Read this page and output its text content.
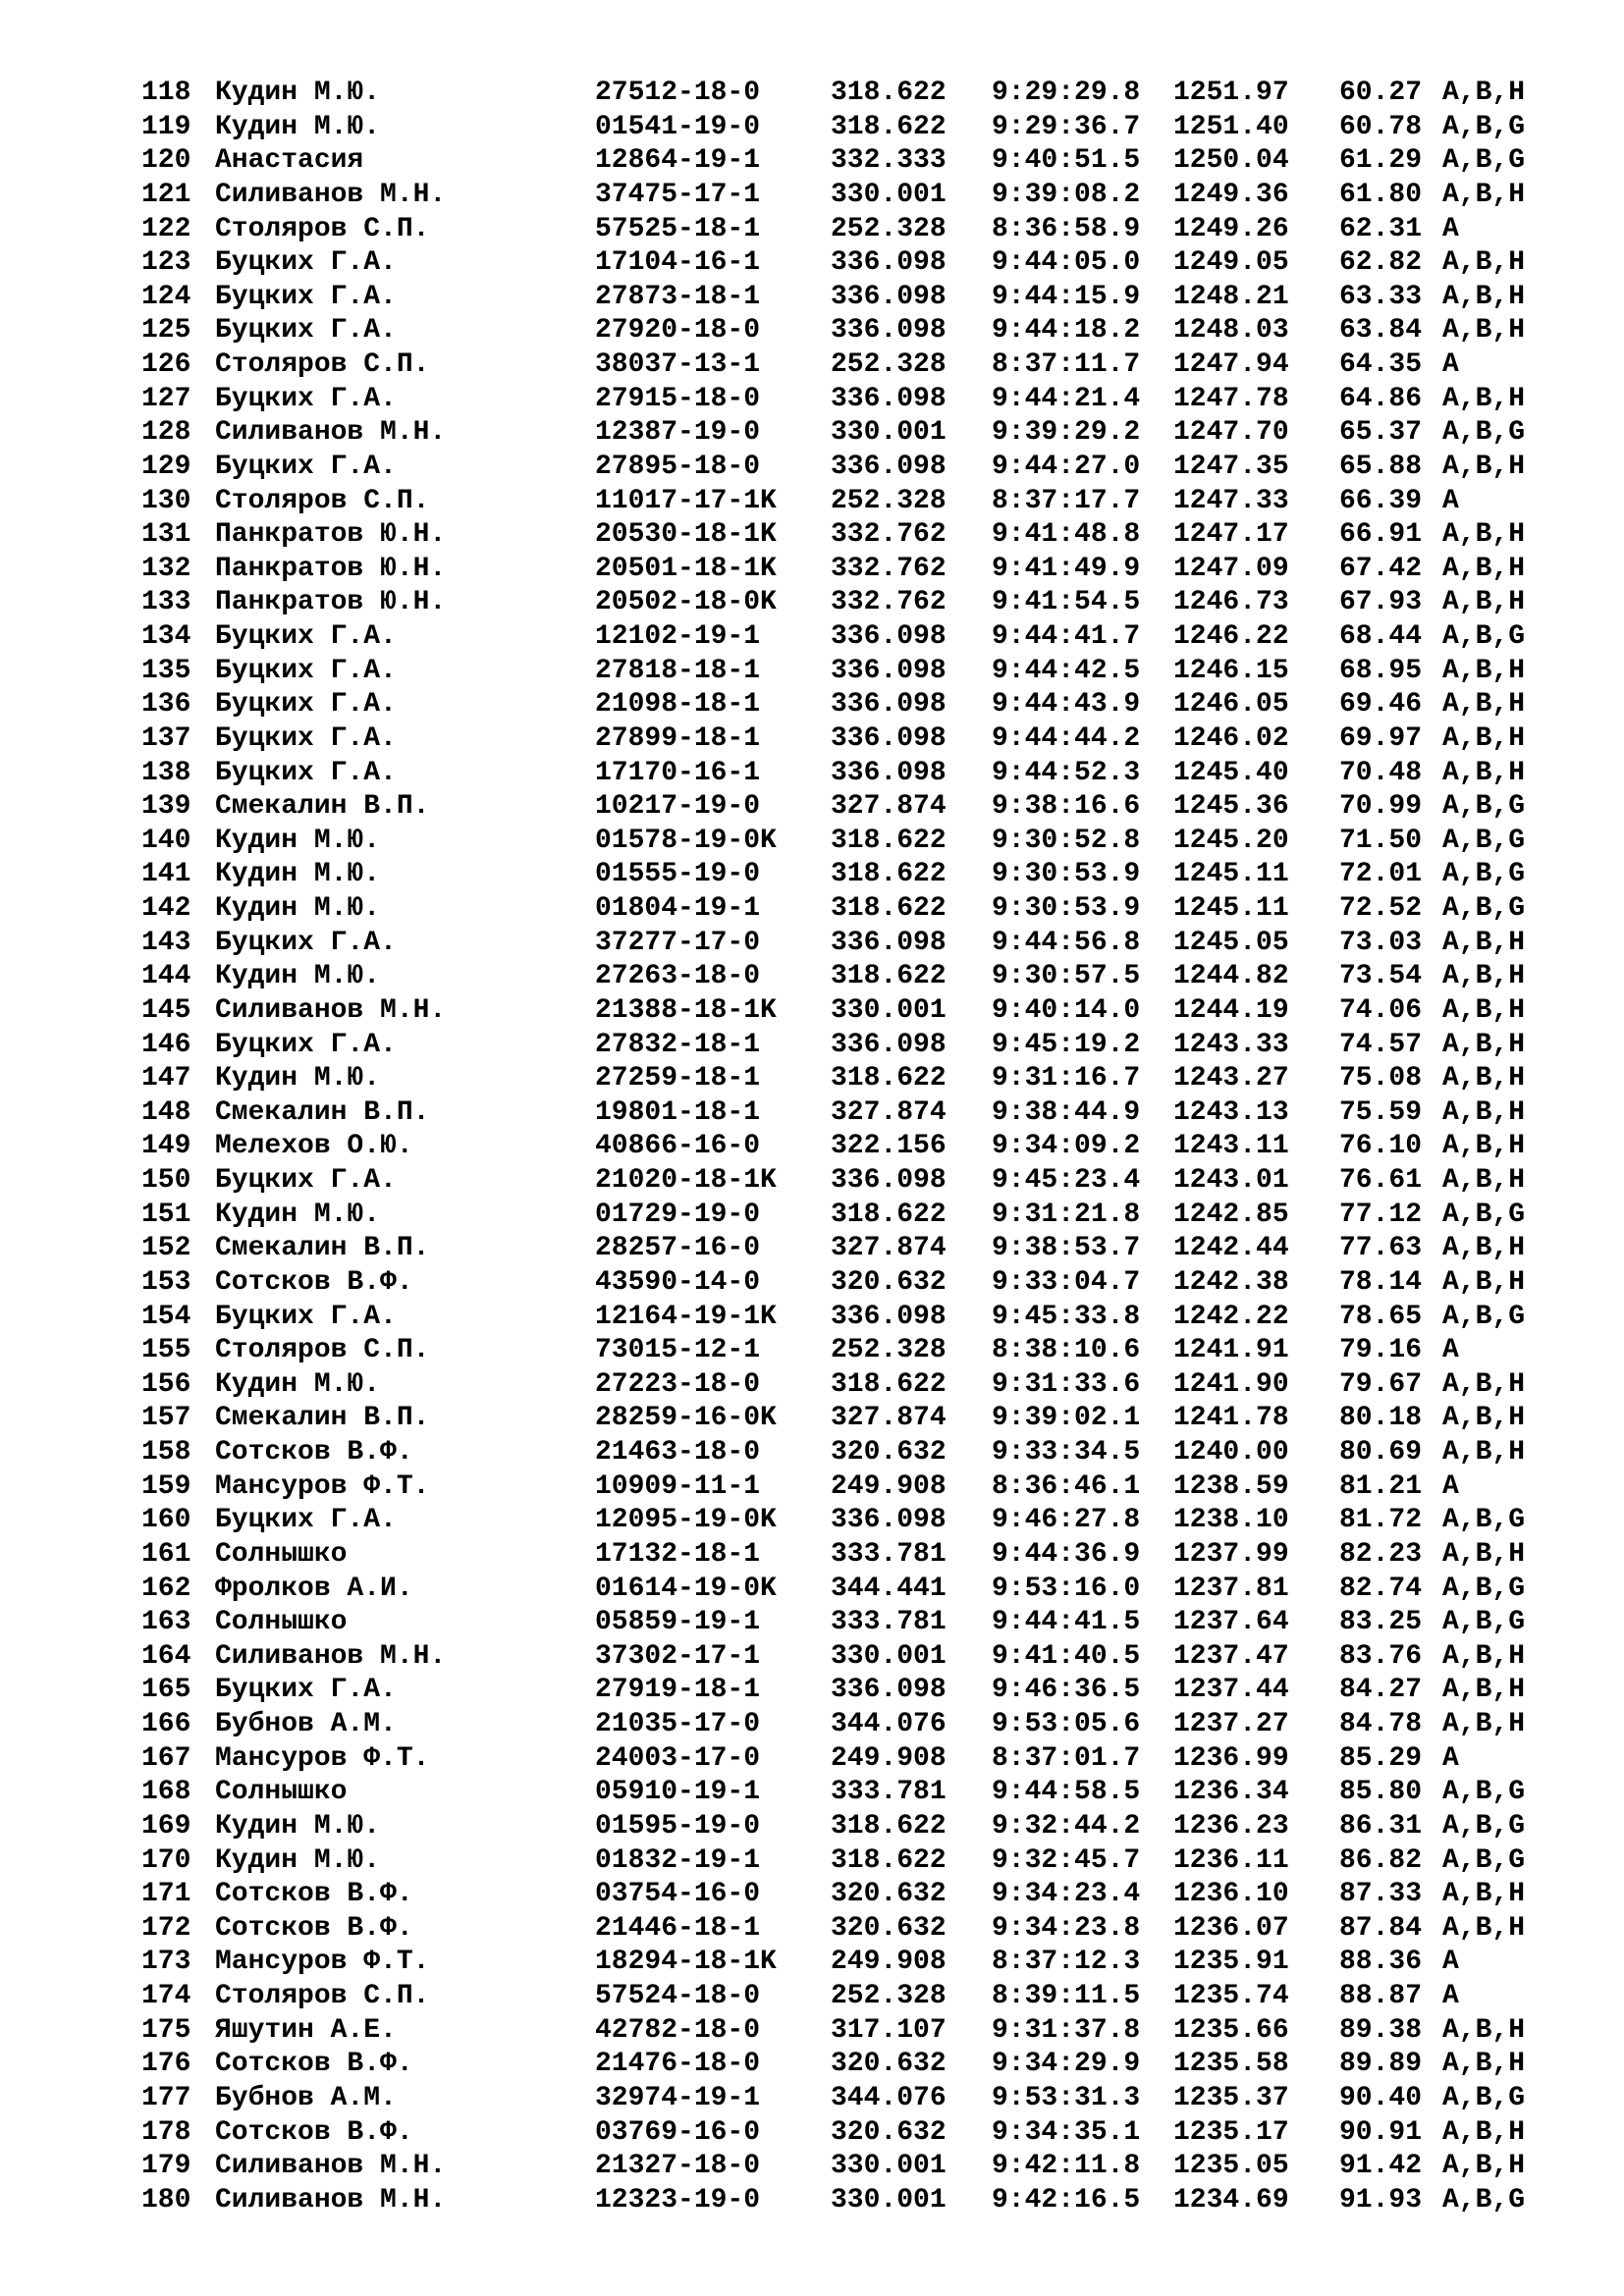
118 Кудин М.Ю.	27512-18-0	318.622 9:29:29.8 1251.97 60.27 A,B,H
119 Кудин М.Ю.	01541-19-0	318.622 9:29:36.7 1251.40 60.78 A,B,G
120 Анастасия	12864-19-1	332.333 9:40:51.5 1250.04 61.29 A,B,G
121 Силиванов М.Н.	37475-17-1	330.001 9:39:08.2 1249.36 61.80 A,B,H
122 Столяров С.П.	57525-18-1	252.328 8:36:58.9 1249.26 62.31 A
123 Буцких Г.А.	17104-16-1	336.098 9:44:05.0 1249.05 62.82 A,B,H
124 Буцких Г.А.	27873-18-1	336.098 9:44:15.9 1248.21 63.33 A,B,H
125 Буцких Г.А.	27920-18-0	336.098 9:44:18.2 1248.03 63.84 A,B,H
126 Столяров С.П.	38037-13-1	252.328 8:37:11.7 1247.94 64.35 A
127 Буцких Г.А.	27915-18-0	336.098 9:44:21.4 1247.78 64.86 A,B,H
128 Силиванов М.Н.	12387-19-0	330.001 9:39:29.2 1247.70 65.37 A,B,G
129 Буцких Г.А.	27895-18-0	336.098 9:44:27.0 1247.35 65.88 A,B,H
130 Столяров С.П.	11017-17-1K 252.328 8:37:17.7 1247.33 66.39 A
131 Панкратов Ю.Н.	20530-18-1K 332.762 9:41:48.8 1247.17 66.91 A,B,H
132 Панкратов Ю.Н.	20501-18-1K 332.762 9:41:49.9 1247.09 67.42 A,B,H
133 Панкратов Ю.Н.	20502-18-0K 332.762 9:41:54.5 1246.73 67.93 A,B,H
134 Буцких Г.А.	12102-19-1	336.098 9:44:41.7 1246.22 68.44 A,B,G
135 Буцких Г.А.	27818-18-1	336.098 9:44:42.5 1246.15 68.95 A,B,H
136 Буцких Г.А.	21098-18-1	336.098 9:44:43.9 1246.05 69.46 A,B,H
137 Буцких Г.А.	27899-18-1	336.098 9:44:44.2 1246.02 69.97 A,B,H
138 Буцких Г.А.	17170-16-1	336.098 9:44:52.3 1245.40 70.48 A,B,H
139 Смекалин В.П.	10217-19-0	327.874 9:38:16.6 1245.36 70.99 A,B,G
140 Кудин М.Ю.	01578-19-0K 318.622 9:30:52.8 1245.20 71.50 A,B,G
141 Кудин М.Ю.	01555-19-0	318.622 9:30:53.9 1245.11 72.01 A,B,G
142 Кудин М.Ю.	01804-19-1	318.622 9:30:53.9 1245.11 72.52 A,B,G
143 Буцких Г.А.	37277-17-0	336.098 9:44:56.8 1245.05 73.03 A,B,H
144 Кудин М.Ю.	27263-18-0	318.622 9:30:57.5 1244.82 73.54 A,B,H
145 Силиванов М.Н.	21388-18-1K 330.001 9:40:14.0 1244.19 74.06 A,B,H
146 Буцких Г.А.	27832-18-1	336.098 9:45:19.2 1243.33 74.57 A,B,H
147 Кудин М.Ю.	27259-18-1	318.622 9:31:16.7 1243.27 75.08 A,B,H
148 Смекалин В.П.	19801-18-1	327.874 9:38:44.9 1243.13 75.59 A,B,H
149 Мелехов О.Ю.	40866-16-0	322.156 9:34:09.2 1243.11 76.10 A,B,H
150 Буцких Г.А.	21020-18-1K 336.098 9:45:23.4 1243.01 76.61 A,B,H
151 Кудин М.Ю.	01729-19-0	318.622 9:31:21.8 1242.85 77.12 A,B,G
152 Смекалин В.П.	28257-16-0	327.874 9:38:53.7 1242.44 77.63 A,B,H
153 Сотсков В.Ф.	43590-14-0	320.632 9:33:04.7 1242.38 78.14 A,B,H
154 Буцких Г.А.	12164-19-1K 336.098 9:45:33.8 1242.22 78.65 A,B,G
155 Столяров С.П.	73015-12-1	252.328 8:38:10.6 1241.91 79.16 A
156 Кудин М.Ю.	27223-18-0	318.622 9:31:33.6 1241.90 79.67 A,B,H
157 Смекалин В.П.	28259-16-0K 327.874 9:39:02.1 1241.78 80.18 A,B,H
158 Сотсков В.Ф.	21463-18-0	320.632 9:33:34.5 1240.00 80.69 A,B,H
159 Мансуров Ф.Т.	10909-11-1	249.908 8:36:46.1 1238.59 81.21 A
160 Буцких Г.А.	12095-19-0K 336.098 9:46:27.8 1238.10 81.72 A,B,G
161 Солнышко	17132-18-1	333.781 9:44:36.9 1237.99 82.23 A,B,H
162 Фролков А.И.	01614-19-0K 344.441 9:53:16.0 1237.81 82.74 A,B,G
163 Солнышко	05859-19-1	333.781 9:44:41.5 1237.64 83.25 A,B,G
164 Силиванов М.Н.	37302-17-1	330.001 9:41:40.5 1237.47 83.76 A,B,H
165 Буцких Г.А.	27919-18-1	336.098 9:46:36.5 1237.44 84.27 A,B,H
166 Бубнов А.М.	21035-17-0	344.076 9:53:05.6 1237.27 84.78 A,B,H
167 Мансуров Ф.Т.	24003-17-0	249.908 8:37:01.7 1236.99 85.29 A
168 Солнышко	05910-19-1	333.781 9:44:58.5 1236.34 85.80 A,B,G
169 Кудин М.Ю.	01595-19-0	318.622 9:32:44.2 1236.23 86.31 A,B,G
170 Кудин М.Ю.	01832-19-1	318.622 9:32:45.7 1236.11 86.82 A,B,G
171 Сотсков В.Ф.	03754-16-0	320.632 9:34:23.4 1236.10 87.33 A,B,H
172 Сотсков В.Ф.	21446-18-1	320.632 9:34:23.8 1236.07 87.84 A,B,H
173 Мансуров Ф.Т.	18294-18-1K 249.908 8:37:12.3 1235.91 88.36 A
174 Столяров С.П.	57524-18-0	252.328 8:39:11.5 1235.74 88.87 A
175 Яшутин А.Е.	42782-18-0	317.107 9:31:37.8 1235.66 89.38 A,B,H
176 Сотсков В.Ф.	21476-18-0	320.632 9:34:29.9 1235.58 89.89 A,B,H
177 Бубнов А.М.	32974-19-1	344.076 9:53:31.3 1235.37 90.40 A,B,G
178 Сотсков В.Ф.	03769-16-0	320.632 9:34:35.1 1235.17 90.91 A,B,H
179 Силиванов М.Н.	21327-18-0	330.001 9:42:11.8 1235.05 91.42 A,B,H
180 Силиванов М.Н.	12323-19-0	330.001 9:42:16.5 1234.69 91.93 A,B,G
